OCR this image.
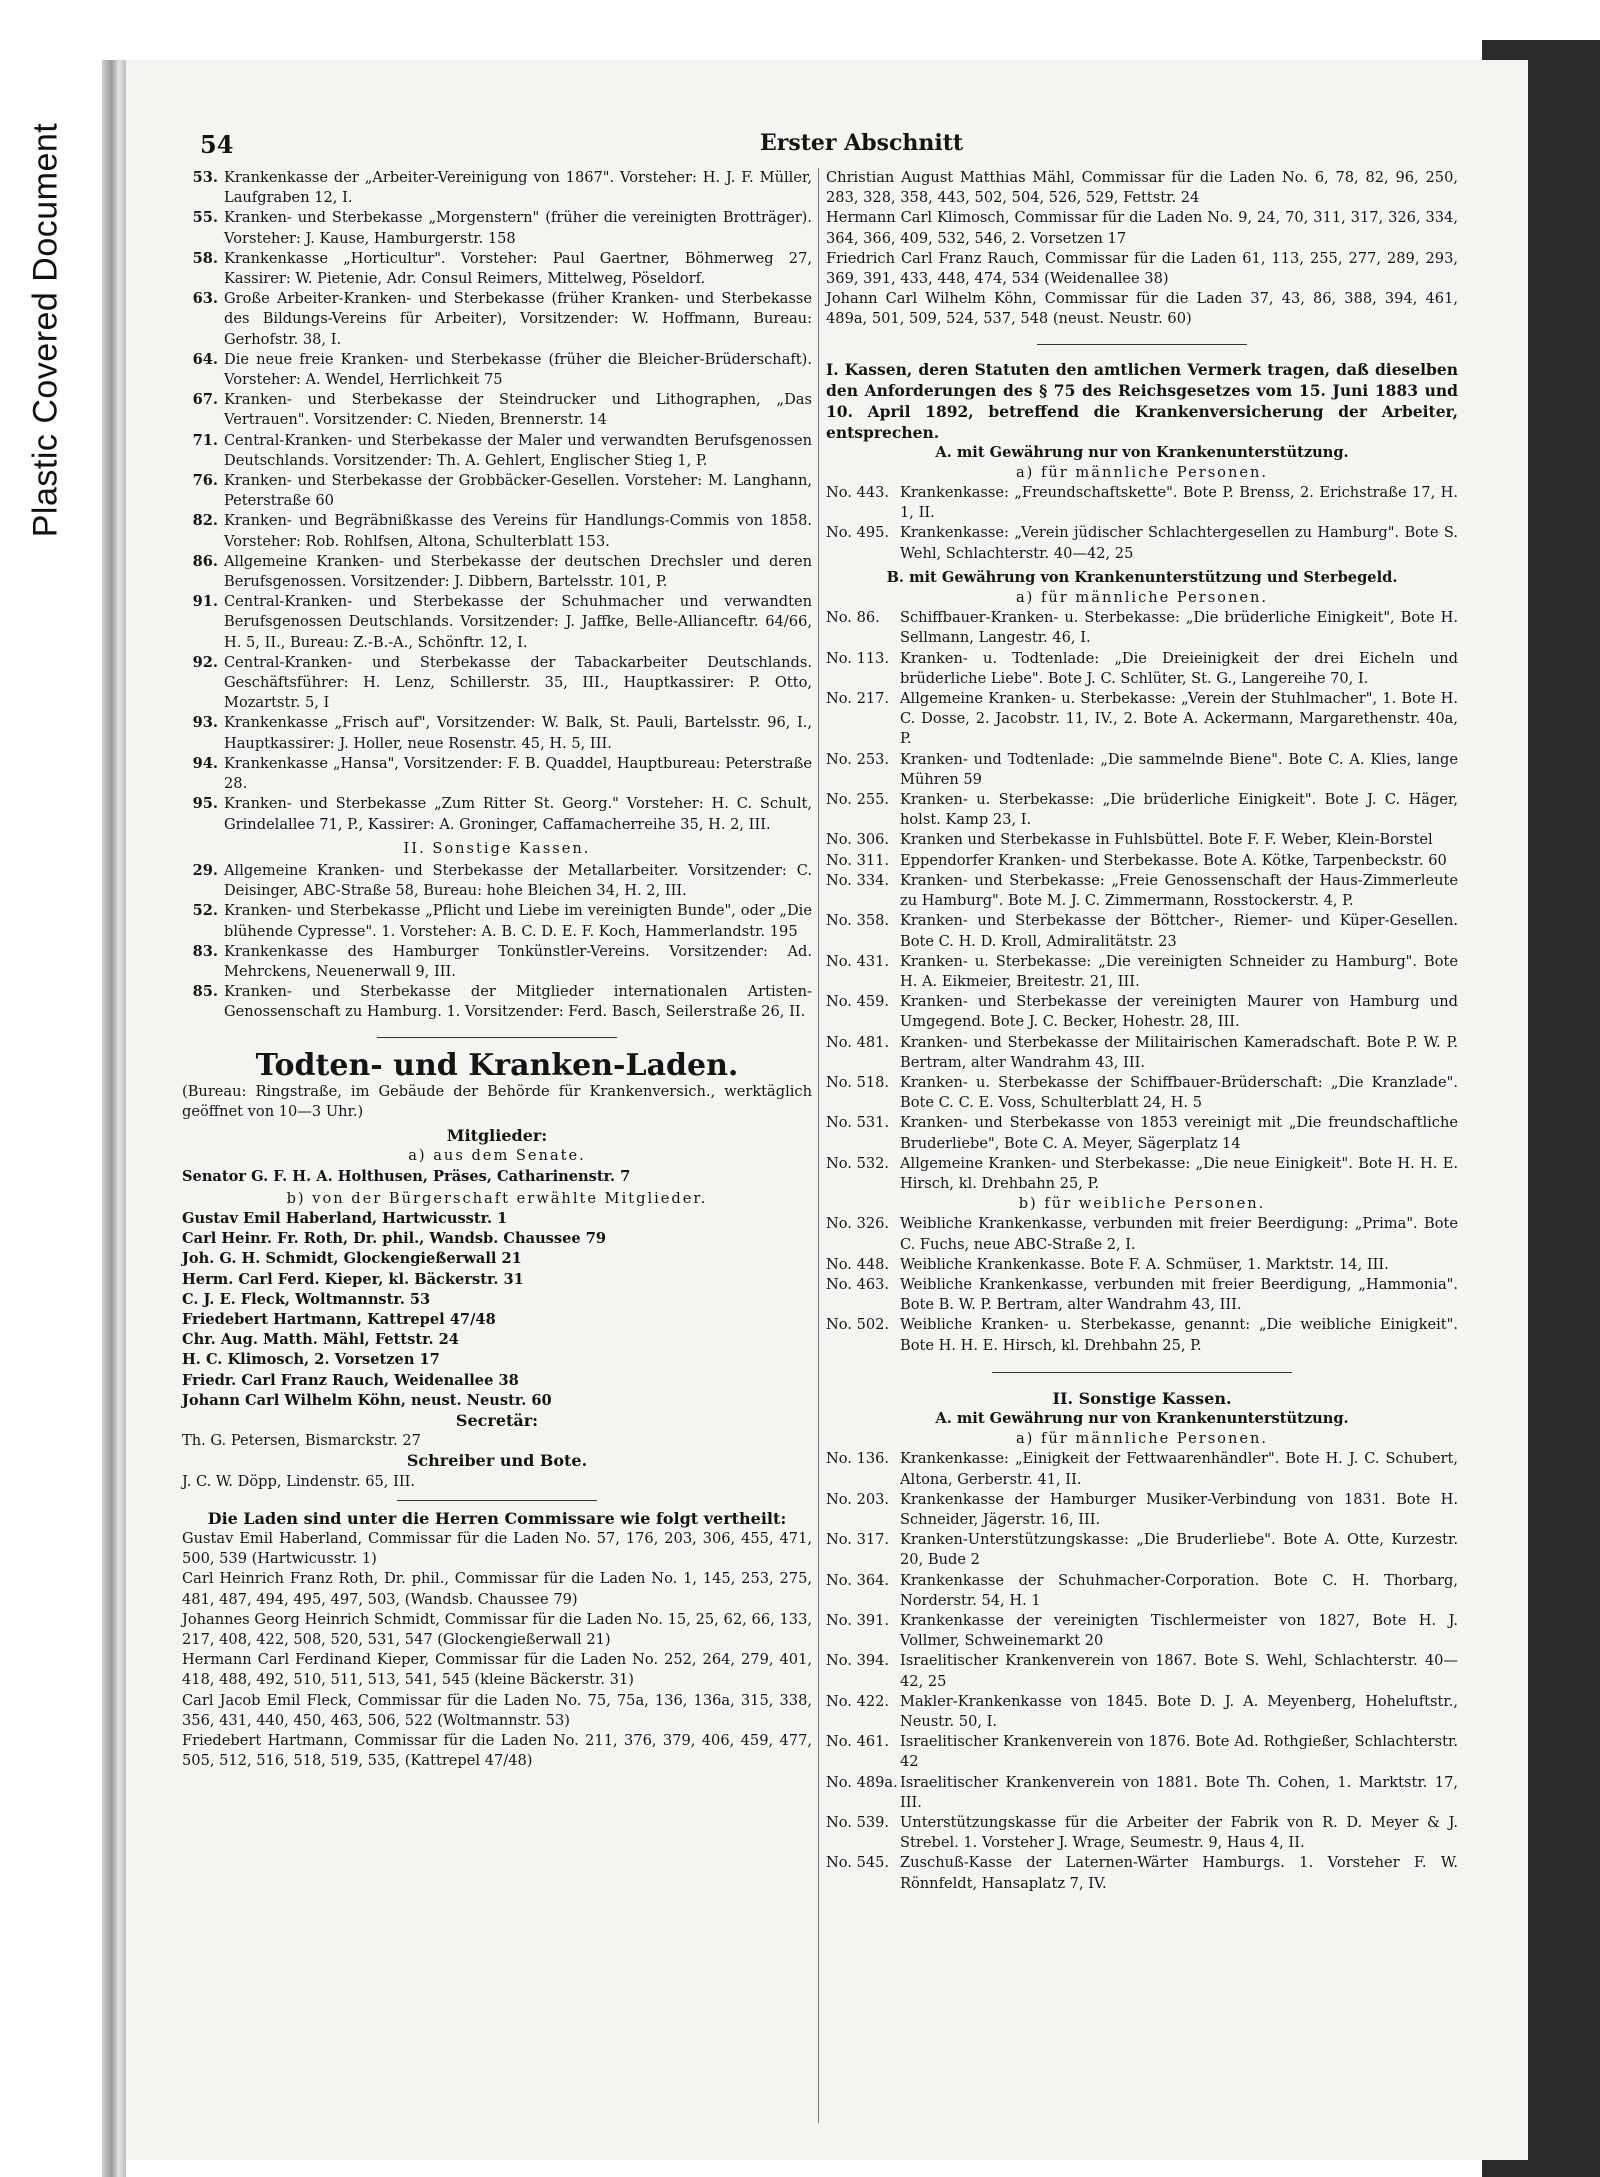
Plastic Covered Document	54	Erster Abschnitt
53. Krankenkasse der „Arbeiter-Vereinigung von 1867". Vorsteher: H. J. F. Müller, Laufgraben 12, I.
55. Kranken- und Sterbekasse „Morgenstern" (früher die vereinigten Brotträger). Vorsteher: J. Kause, Hamburgerstr. 158
58. Krankenkasse „Horticultur". Vorsteher: Paul Gaertner, Böhmerweg 27, Kassirer: W. Pietenie, Adr. Consul Reimers, Mittelweg, Pöseldorf.
63. Große Arbeiter-Kranken- und Sterbekasse (früher Kranken- und Sterbekasse des Bildungs-Vereins für Arbeiter), Vorsitzender: W. Hoffmann, Bureau: Gerhofstr. 38, I.
64. Die neue freie Kranken- und Sterbekasse (früher die Bleicher-Brüderschaft). Vorsteher: A. Wendel, Herrlichkeit 75
67. Kranken- und Sterbekasse der Steindrucker und Lithographen, „Das Vertrauen". Vorsitzender: C. Nieden, Brennerstr. 14
71. Central-Kranken- und Sterbekasse der Maler und verwandten Berufsgenossen Deutschlands. Vorsitzender: Th. A. Gehlert, Englischer Stieg 1, P.
76. Kranken- und Sterbekasse der Grobbäcker-Gesellen. Vorsteher: M. Langhann, Peterstraße 60
82. Kranken- und Begräbnißkasse des Vereins für Handlungs-Commis von 1858. Vorsteher: Rob. Rohlfsen, Altona, Schulterblatt 153.
86. Allgemeine Kranken- und Sterbekasse der deutschen Drechsler und deren Berufsgenossen. Vorsitzender: J. Dibbern, Bartelsstr. 101, P.
91. Central-Kranken- und Sterbekasse der Schuhmacher und verwandten Berufsgenossen Deutschlands. Vorsitzender: J. Jaffke, Belle-Allianceftr. 64/66, H. 5, II., Bureau: Z.-B.-A., Schönftr. 12, I.
92. Central-Kranken- und Sterbekasse der Tabackarbeiter Deutschlands. Geschäftsführer: H. Lenz, Schillerstr. 35, III., Hauptkassirer: P. Otto, Mozartstr. 5, I
93. Krankenkasse „Frisch auf", Vorsitzender: W. Balk, St. Pauli, Bartelsstr. 96, I., Hauptkassirer: J. Holler, neue Rosenstr. 45, H. 5, III.
94. Krankenkasse „Hansa", Vorsitzender: F. B. Quaddel, Hauptbureau: Peterstraße 28.
95. Kranken- und Sterbekasse „Zum Ritter St. Georg." Vorsteher: H. C. Schult, Grindelallee 71, P., Kassirer: A. Groninger, Caffamacherreihe 35, H. 2, III.
II. Sonstige Kassen.
29. Allgemeine Kranken- und Sterbekasse der Metallarbeiter. Vorsitzender: C. Deisinger, ABC-Straße 58, Bureau: hohe Bleichen 34, H. 2, III.
52. Kranken- und Sterbekasse „Pflicht und Liebe im vereinigten Bunde", oder „Die blühende Cypresse". 1. Vorsteher: A. B. C. D. E. F. Koch, Hammerlandstr. 195
83. Krankenkasse des Hamburger Tonkünstler-Vereins. Vorsitzender: Ad. Mehrckens, Neuenerwall 9, III.
85. Kranken- und Sterbekasse der Mitglieder internationalen Artisten-Genossenschaft zu Hamburg. 1. Vorsitzender: Ferd. Basch, Seilerstraße 26, II.
Todten- und Kranken-Laden.
(Bureau: Ringstraße, im Gebäude der Behörde für Krankenversich., werktäglich geöffnet von 10—3 Uhr.)
Mitglieder:
a) aus dem Senate.
Senator G. F. H. A. Holthusen, Präses, Catharinenstr. 7
b) von der Bürgerschaft erwählte Mitglieder.
Gustav Emil Haberland, Hartwicusstr. 1
Carl Heinr. Fr. Roth, Dr. phil., Wandsb. Chaussee 79
Joh. G. H. Schmidt, Glockengießerwall 21
Herm. Carl Ferd. Kieper, kl. Bäckerstr. 31
C. J. E. Fleck, Woltmannstr. 53
Friedebert Hartmann, Kattrepel 47/48
Chr. Aug. Matth. Mähl, Fettstr. 24
H. C. Klimosch, 2. Vorsetzen 17
Friedr. Carl Franz Rauch, Weidenallee 38
Johann Carl Wilhelm Köhn, neust. Neustr. 60
Secretär:
Th. G. Petersen, Bismarckstr. 27
Schreiber und Bote.
J. C. W. Döpp, Lindenstr. 65, III.
Die Laden sind unter die Herren Commissare wie folgt vertheilt:
Gustav Emil Haberland, Commissar für die Laden No. 57, 176, 203, 306, 455, 471, 500, 539 (Hartwicusstr. 1)
Carl Heinrich Franz Roth, Dr. phil., Commissar für die Laden No. 1, 145, 253, 275, 481, 487, 494, 495, 497, 503, (Wandsb. Chaussee 79)
Johannes Georg Heinrich Schmidt, Commissar für die Laden No. 15, 25, 62, 66, 133, 217, 408, 422, 508, 520, 531, 547 (Glockengießerwall 21)
Hermann Carl Ferdinand Kieper, Commissar für die Laden No. 252, 264, 279, 401, 418, 488, 492, 510, 511, 513, 541, 545 (kleine Bäckerstr. 31)
Carl Jacob Emil Fleck, Commissar für die Laden No. 75, 75a, 136, 136a, 315, 338, 356, 431, 440, 450, 463, 506, 522 (Woltmannstr. 53)
Friedebert Hartmann, Commissar für die Laden No. 211, 376, 379, 406, 459, 477, 505, 512, 516, 518, 519, 535, (Kattrepel 47/48)
Christian August Matthias Mähl, Commissar für die Laden No. 6, 78, 82, 96, 250, 283, 328, 358, 443, 502, 504, 526, 529, Fettstr. 24
Hermann Carl Klimosch, Commissar für die Laden No. 9, 24, 70, 311, 317, 326, 334, 364, 366, 409, 532, 546, 2. Vorsetzen 17
Friedrich Carl Franz Rauch, Commissar für die Laden 61, 113, 255, 277, 289, 293, 369, 391, 433, 448, 474, 534 (Weidenallee 38)
Johann Carl Wilhelm Köhn, Commissar für die Laden 37, 43, 86, 388, 394, 461, 489a, 501, 509, 524, 537, 548 (neust. Neustr. 60)
I. Kassen, deren Statuten den amtlichen Vermerk tragen, daß dieselben den Anforderungen des § 75 des Reichsgesetzes vom 15. Juni 1883 und 10. April 1892, betreffend die Krankenversicherung der Arbeiter, entsprechen.
A. mit Gewährung nur von Krankenunterstützung.
a) für männliche Personen.
No. 443. Krankenkasse: „Freundschaftskette". Bote P. Brenss, 2. Erichstraße 17, H. 1, II.
No. 495. Krankenkasse: „Verein jüdischer Schlachtergesellen zu Hamburg". Bote S. Wehl, Schlachterstr. 40—42, 25
B. mit Gewährung von Krankenunterstützung und Sterbegeld.
a) für männliche Personen.
No. 86.	Schiffbauer-Kranken- u. Sterbekasse: „Die brüderliche Einigkeit", Bote H. Sellmann, Langestr. 46, I.
No. 113. Kranken- u. Todtenlade: „Die Dreieinigkeit der drei Eicheln und brüderliche Liebe". Bote J. C. Schlüter, St. G., Langereihe 70, I.
No. 217. Allgemeine Kranken- u. Sterbekasse: „Verein der Stuhlmacher", 1. Bote H. C. Dosse, 2. Jacobstr. 11, IV., 2. Bote A. Ackermann, Margarethenstr. 40a, P.
No. 253. Kranken- und Todtenlade: „Die sammelnde Biene". Bote C. A. Klies, lange Mühren 59
No. 255. Kranken- u. Sterbekasse: „Die brüderliche Einigkeit". Bote J. C. Häger, holst. Kamp 23, I.
No. 306. Kranken und Sterbekasse in Fuhlsbüttel. Bote F. F. Weber, Klein-Borstel
No. 311. Eppendorfer Kranken- und Sterbekasse. Bote A. Kötke, Tarpenbeckstr. 60
No. 334. Kranken- und Sterbekasse: „Freie Genossenschaft der Haus-Zimmerleute zu Hamburg". Bote M. J. C. Zimmermann, Rosstockerstr. 4, P.
No. 358. Kranken- und Sterbekasse der Böttcher-, Riemer- und Küper-Gesellen. Bote C. H. D. Kroll, Admiralitätstr. 23
No. 431. Kranken- u. Sterbekasse: „Die vereinigten Schneider zu Hamburg". Bote H. A. Eikmeier, Breitestr. 21, III.
No. 459. Kranken- und Sterbekasse der vereinigten Maurer von Hamburg und Umgegend. Bote J. C. Becker, Hohestr. 28, III.
No. 481. Kranken- und Sterbekasse der Militairischen Kameradschaft. Bote P. W. P. Bertram, alter Wandrahm 43, III.
No. 518. Kranken- u. Sterbekasse der Schiffbauer-Brüderschaft: „Die Kranzlade". Bote C. C. E. Voss, Schulterblatt 24, H. 5
No. 531. Kranken- und Sterbekasse von 1853 vereinigt mit „Die freundschaftliche Bruderliebe", Bote C. A. Meyer, Sägerplatz 14
No. 532. Allgemeine Kranken- und Sterbekasse: „Die neue Einigkeit". Bote H. H. E. Hirsch, kl. Drehbahn 25, P.
b) für weibliche Personen.
No. 326. Weibliche Krankenkasse, verbunden mit freier Beerdigung: „Prima". Bote C. Fuchs, neue ABC-Straße 2, I.
No. 448. Weibliche Krankenkasse. Bote F. A. Schmüser, 1. Marktstr. 14, III.
No. 463. Weibliche Krankenkasse, verbunden mit freier Beerdigung, „Hammonia". Bote B. W. P. Bertram, alter Wandrahm 43, III.
No. 502. Weibliche Kranken- u. Sterbekasse, genannt: „Die weibliche Einigkeit". Bote H. H. E. Hirsch, kl. Drehbahn 25, P.
II. Sonstige Kassen.
A. mit Gewährung nur von Krankenunterstützung.
a) für männliche Personen.
No. 136. Krankenkasse: „Einigkeit der Fettwaarenhändler". Bote H. J. C. Schubert, Altona, Gerberstr. 41, II.
No. 203. Krankenkasse der Hamburger Musiker-Verbindung von 1831. Bote H. Schneider, Jägerstr. 16, III.
No. 317. Kranken-Unterstützungskasse: „Die Bruderliebe". Bote A. Otte, Kurzestr. 20, Bude 2
No. 364. Krankenkasse der Schuhmacher-Corporation. Bote C. H. Thorbarg, Norderstr. 54, H. 1
No. 391. Krankenkasse der vereinigten Tischlermeister von 1827, Bote H. J. Vollmer, Schweinemarkt 20
No. 394. Israelitischer Krankenverein von 1867. Bote S. Wehl, Schlachterstr. 40—42, 25
No. 422. Makler-Krankenkasse von 1845. Bote D. J. A. Meyenberg, Hoheluftstr., Neustr. 50, I.
No. 461. Israelitischer Krankenverein von 1876. Bote Ad. Rothgießer, Schlachterstr. 42
No. 489a. Israelitischer Krankenverein von 1881. Bote Th. Cohen, 1. Marktstr. 17, III.
No. 539. Unterstützungskasse für die Arbeiter der Fabrik von R. D. Meyer & J. Strebel. 1. Vorsteher J. Wrage, Seumestr. 9, Haus 4, II.
No. 545. Zuschuß-Kasse der Laternen-Wärter Hamburgs. 1. Vorsteher F. W. Rönnfeldt, Hansaplatz 7, IV.
